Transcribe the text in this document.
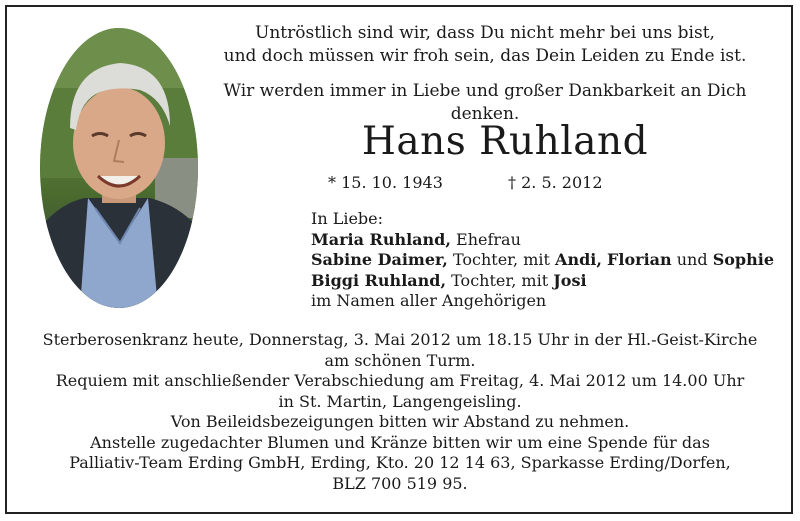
Untröstlich sind wir, dass Du nicht mehr bei uns bist,

und doch müssen wir froh sein, das Dein Leiden zu Ende ist.

Wir werden immer in Liebe und großer Dankbarkeit an Dich denken.

Hans Ruhland
* 15. 10. 1943	† 2. 5. 2012
In Liebe:
Maria Ruhland, Ehefrau
Sabine Daimer, Tochter, mit Andi, Florian und Sophie
Biggi Ruhland, Tochter, mit Josi
im Namen aller Angehörigen
Sterberosenkranz heute, Donnerstag, 3. Mai 2012 um 18.15 Uhr in der Hl.-Geist-Kirche
am schönen Turm.
Requiem mit anschließender Verabschiedung am Freitag, 4. Mai 2012 um 14.00 Uhr
in St. Martin, Langengeisling.
Von Beileidsbezeigungen bitten wir Abstand zu nehmen.
Anstelle zugedachter Blumen und Kränze bitten wir um eine Spende für das
Palliativ-Team Erding GmbH, Erding, Kto. 20 12 14 63, Sparkasse Erding/Dorfen,
BLZ 700 519 95.
